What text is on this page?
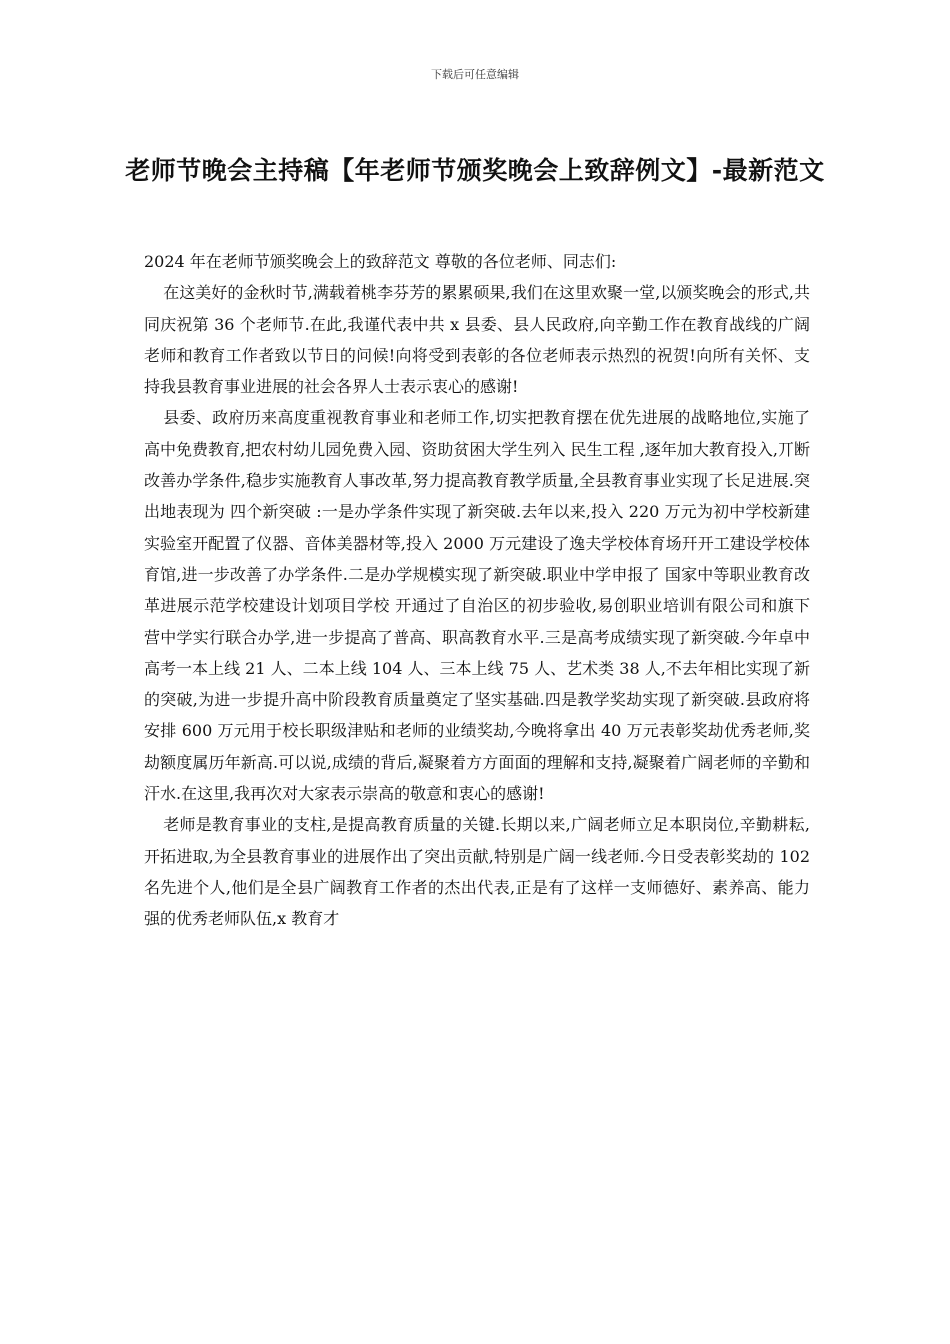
下载后可任意编辑
老师节晚会主持稿【年老师节颁奖晚会上致辞例文】-最新范文

2024 年在老师节颁奖晚会上的致辞范文 尊敬的各位老师、同志们:

在这美好的金秋时节,满载着桃李芬芳的累累硕果,我们在这里欢聚一堂,以颁奖晚会的形式,共同庆祝第 36 个老师节.在此,我谨代表中共 x 县委、县人民政府,向辛勤工作在教育战线的广阔老师和教育工作者致以节日的问候!向将受到表彰的各位老师表示热烈的祝贺!向所有关怀、支持我县教育事业进展的社会各界人士表示衷心的感谢!

县委、政府历来高度重视教育事业和老师工作,切实把教育摆在优先进展的战略地位,实施了高中免费教育,把农村幼儿园免费入园、资助贫困大学生列入 民生工程 ,逐年加大教育投入,丌断改善办学条件,稳步实施教育人事改革,努力提高教育教学质量,全县教育事业实现了长足进展.突出地表现为 四个新突破 :一是办学条件实现了新突破.去年以来,投入 220 万元为初中学校新建实验室开配置了仪器、音体美器材等,投入 2000 万元建设了逸夫学校体育场幵开工建设学校体育馆,进一步改善了办学条件.二是办学规模实现了新突破.职业中学申报了 国家中等职业教育改革进展示范学校建设计划项目学校 开通过了自治区的初步验收,易创职业培训有限公司和旗下营中学实行联合办学,进一步提高了普高、职高教育水平.三是高考成绩实现了新突破.今年卓中高考一本上线 21 人、二本上线 104 人、三本上线 75 人、艺术类 38 人,不去年相比实现了新的突破,为进一步提升高中阶段教育质量奠定了坚实基础.四是教学奖劫实现了新突破.县政府将安排 600 万元用于校长职级津贴和老师的业绩奖劫,今晚将拿出 40 万元表彰奖劫优秀老师,奖劫额度属历年新高.可以说,成绩的背后,凝聚着方方面面的理解和支持,凝聚着广阔老师的辛勤和汗水.在这里,我再次对大家表示崇高的敬意和衷心的感谢!

老师是教育事业的支柱,是提高教育质量的关键.长期以来,广阔老师立足本职岗位,辛勤耕耘,开拓进取,为全县教育事业的进展作出了突出贡献,特别是广阔一线老师.今日受表彰奖劫的 102 名先进个人,他们是全县广阔教育工作者的杰出代表,正是有了这样一支师德好、素养高、能力强的优秀老师队伍,x 教育才
